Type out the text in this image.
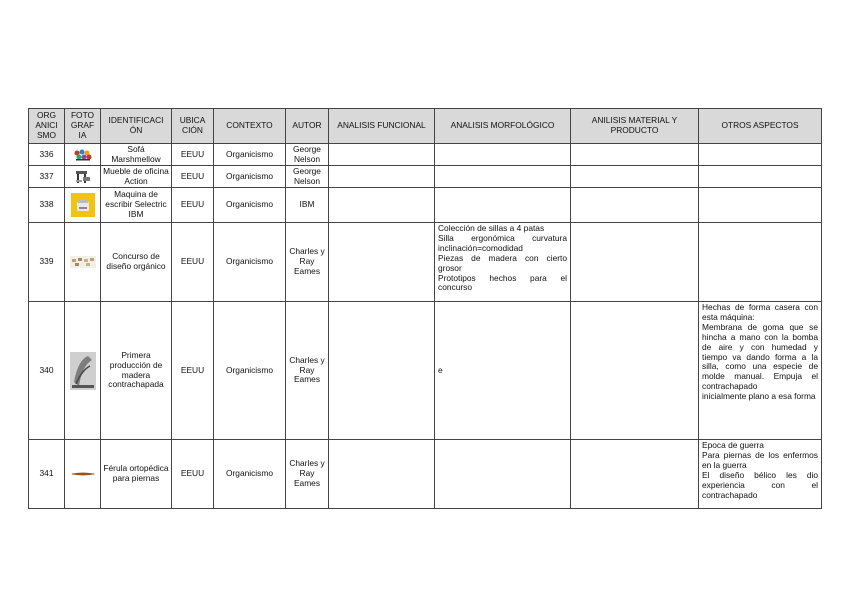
ORG ANICI SMO	FOTO GRAF IA	IDENTIFICACI ÓN	UBICA CIÓN	CONTEXTO	AUTOR	ANALISIS FUNCIONAL	ANALISIS MORFOLÓGICO	ANILISIS MATERIAL Y PRODUCTO	OTROS ASPECTOS
336		Sofá Marshmellow	EEUU	Organicismo	George Nelson				
337		Mueble de oficina Action	EEUU	Organicismo	George Nelson				
338		Maquina de escribir Selectric IBM	EEUU	Organicismo	IBM				
339		Concurso de diseño orgánico	EEUU	Organicismo	Charles y Ray Eames		Colección de sillas a 4 patas
Silla ergonómica curvatura inclinación=comodidad
Piezas de madera con cierto grosor
Prototipos hechos para el concurso		

340		Primera producción de madera contrachapada	EEUU	Organicismo	Charles y Ray Eames		e		Hechas de forma casera con esta máquina:
Membrana de goma que se hincha a mano con la bomba de aire y con humedad y tiempo va dando forma a la silla, como una especie de molde manual. Empuja el contrachapado
inicialmente plano a esa forma

341		Férula ortopédica para piernas	EEUU	Organicismo	Charles y Ray Eames				Epoca de guerra
Para piernas de los enfermos en la guerra
El diseño bélico les dio experiencia con el contrachapado
